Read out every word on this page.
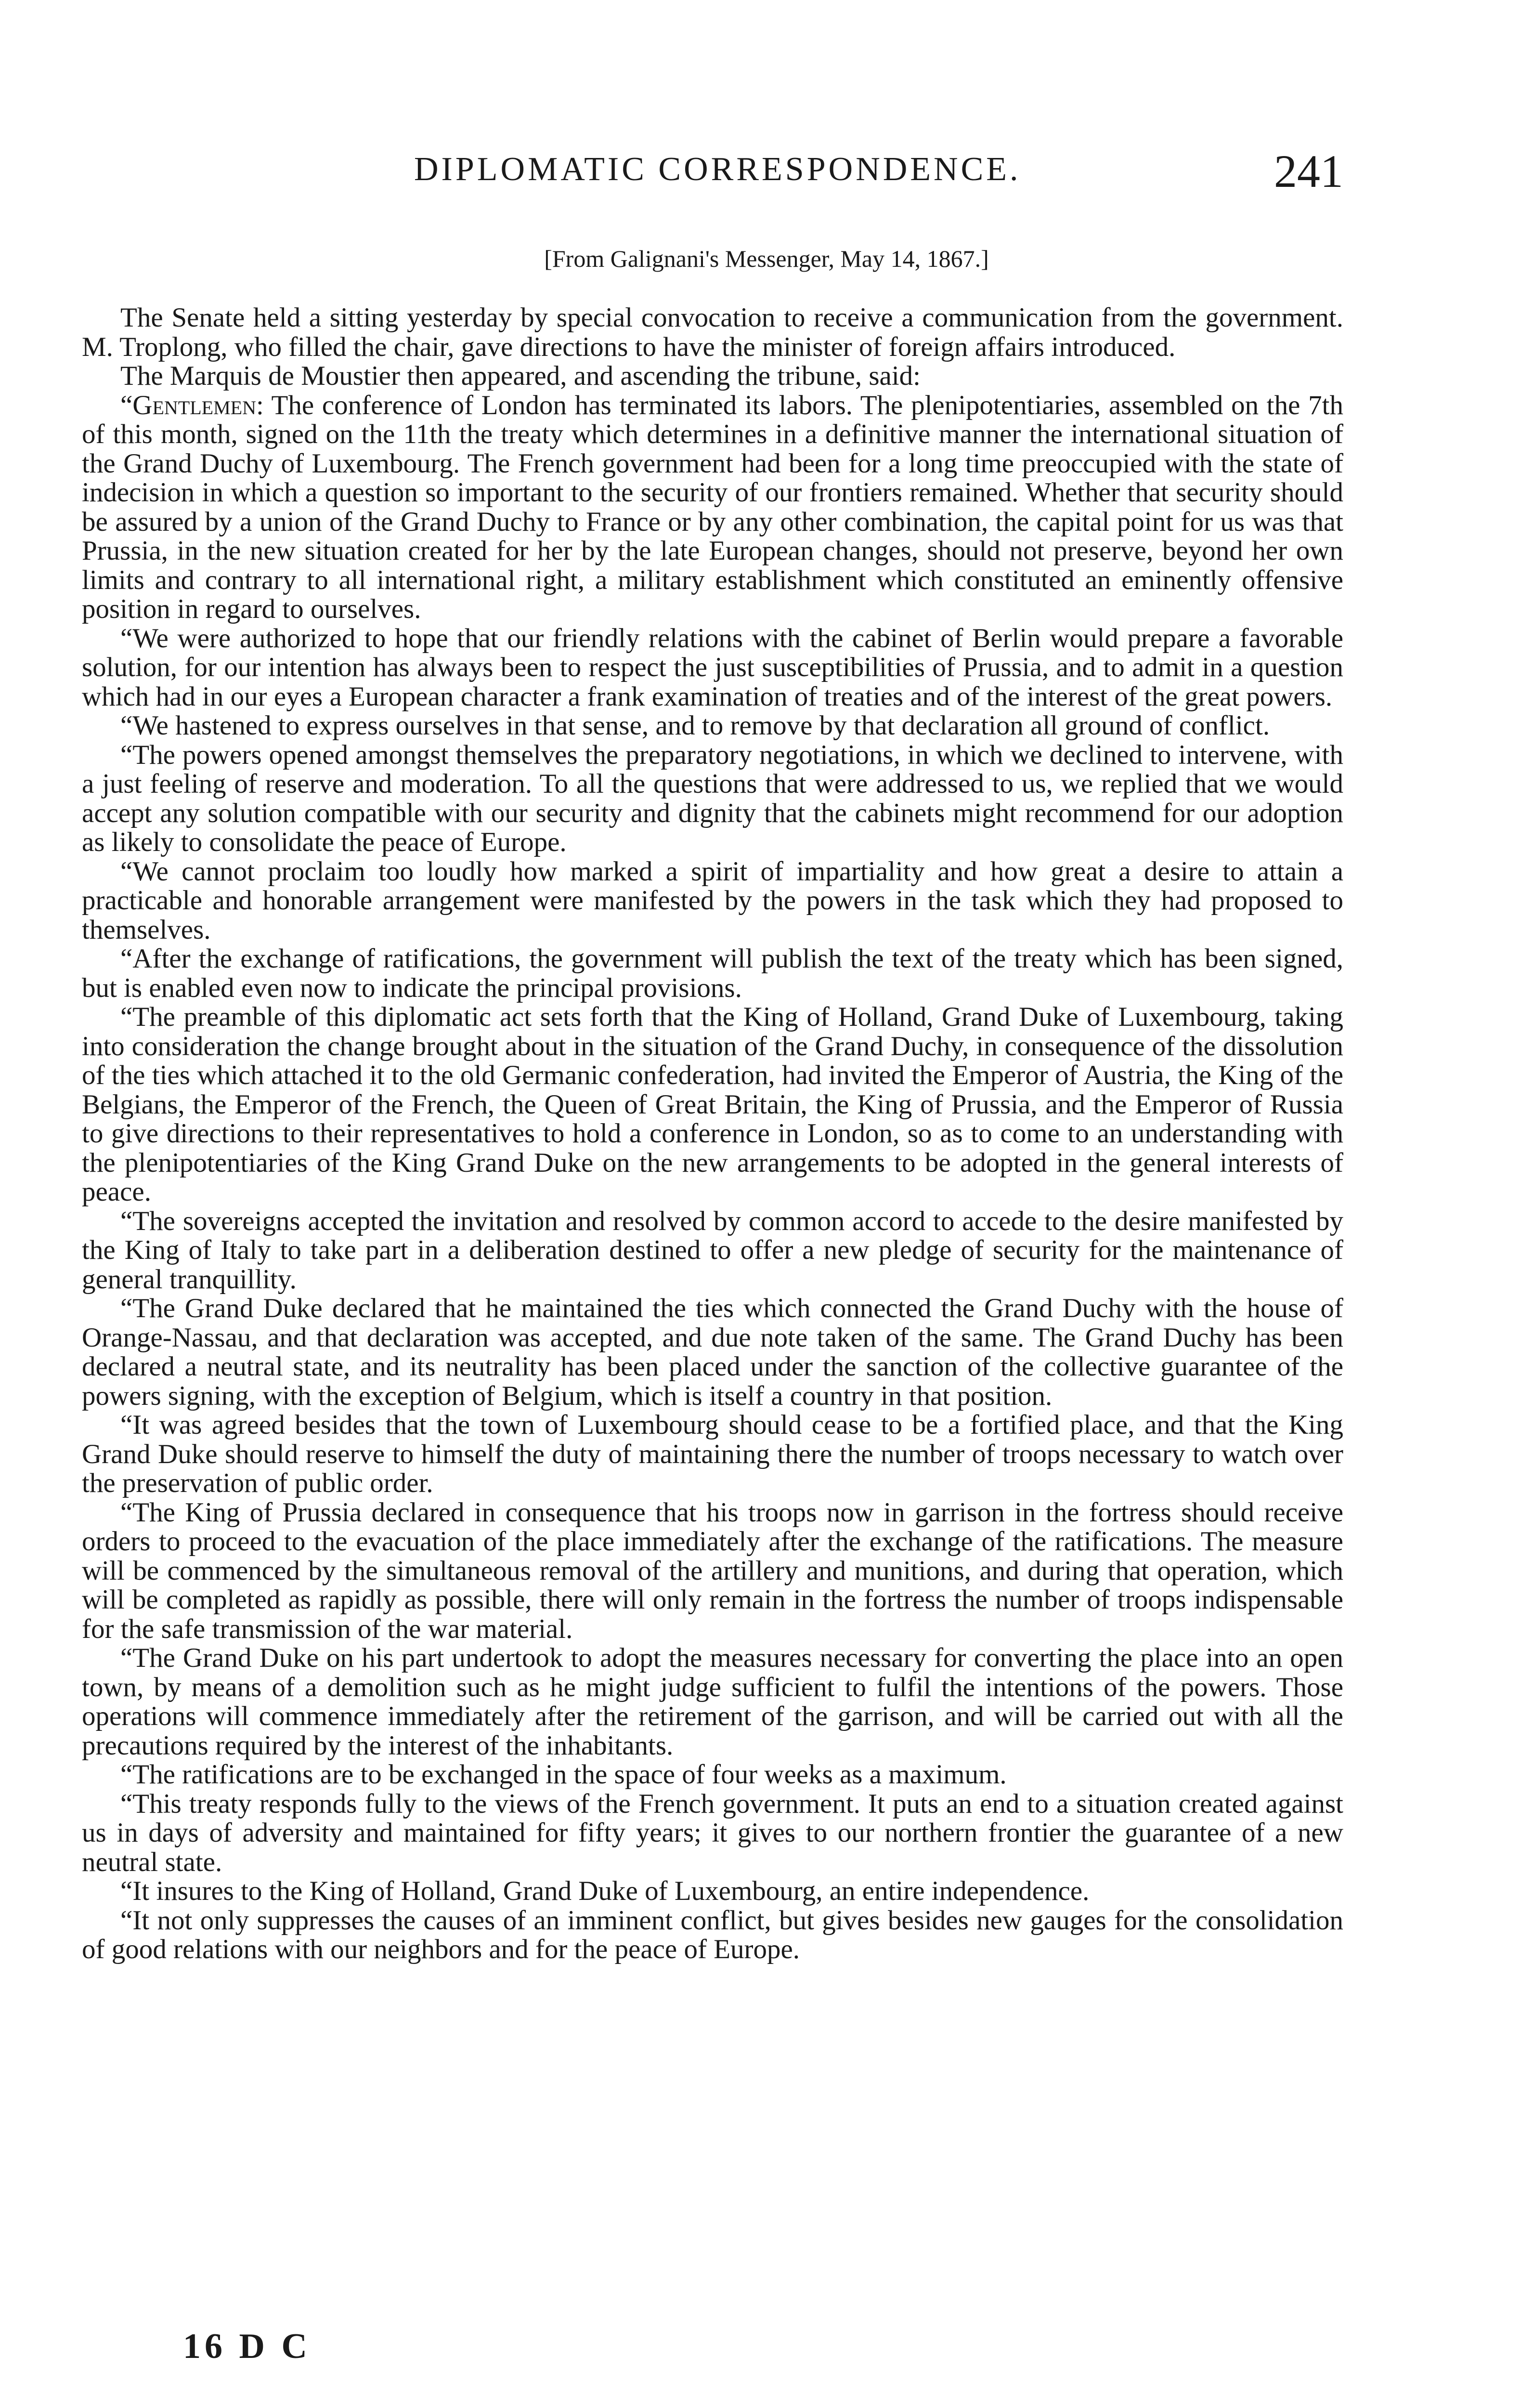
DIPLOMATIC CORRESPONDENCE.	241
[From Galignani's Messenger, May 14, 1867.]

The Senate held a sitting yesterday by special convocation to receive a communication from the government. M. Troplong, who filled the chair, gave directions to have the minister of foreign affairs introduced.

The Marquis de Moustier then appeared, and ascending the tribune, said:

“Gentlemen: The conference of London has terminated its labors. The plenipotentiaries, assembled on the 7th of this month, signed on the 11th the treaty which determines in a definitive manner the international situation of the Grand Duchy of Luxembourg. The French government had been for a long time preoccupied with the state of indecision in which a question so important to the security of our frontiers remained. Whether that security should be assured by a union of the Grand Duchy to France or by any other combination, the capital point for us was that Prussia, in the new situation created for her by the late European changes, should not preserve, beyond her own limits and contrary to all international right, a military establishment which constituted an eminently offensive position in regard to ourselves.

“We were authorized to hope that our friendly relations with the cabinet of Berlin would prepare a favorable solution, for our intention has always been to respect the just susceptibilities of Prussia, and to admit in a question which had in our eyes a European character a frank examination of treaties and of the interest of the great powers.

“We hastened to express ourselves in that sense, and to remove by that declaration all ground of conflict.

“The powers opened amongst themselves the preparatory negotiations, in which we declined to intervene, with a just feeling of reserve and moderation. To all the questions that were addressed to us, we replied that we would accept any solution compatible with our security and dignity that the cabinets might recommend for our adoption as likely to consolidate the peace of Europe.

“We cannot proclaim too loudly how marked a spirit of impartiality and how great a desire to attain a practicable and honorable arrangement were manifested by the powers in the task which they had proposed to themselves.

“After the exchange of ratifications, the government will publish the text of the treaty which has been signed, but is enabled even now to indicate the principal provisions.

“The preamble of this diplomatic act sets forth that the King of Holland, Grand Duke of Luxembourg, taking into consideration the change brought about in the situation of the Grand Duchy, in consequence of the dissolution of the ties which attached it to the old Germanic confederation, had invited the Emperor of Austria, the King of the Belgians, the Emperor of the French, the Queen of Great Britain, the King of Prussia, and the Emperor of Russia to give directions to their representatives to hold a conference in London, so as to come to an understanding with the plenipotentiaries of the King Grand Duke on the new arrangements to be adopted in the general interests of peace.

“The sovereigns accepted the invitation and resolved by common accord to accede to the desire manifested by the King of Italy to take part in a deliberation destined to offer a new pledge of security for the maintenance of general tranquillity.

“The Grand Duke declared that he maintained the ties which connected the Grand Duchy with the house of Orange-Nassau, and that declaration was accepted, and due note taken of the same. The Grand Duchy has been declared a neutral state, and its neutrality has been placed under the sanction of the collective guarantee of the powers signing, with the exception of Belgium, which is itself a country in that position.

“It was agreed besides that the town of Luxembourg should cease to be a fortified place, and that the King Grand Duke should reserve to himself the duty of maintaining there the number of troops necessary to watch over the preservation of public order.

“The King of Prussia declared in consequence that his troops now in garrison in the fortress should receive orders to proceed to the evacuation of the place immediately after the exchange of the ratifications. The measure will be commenced by the simultaneous removal of the artillery and munitions, and during that operation, which will be completed as rapidly as possible, there will only remain in the fortress the number of troops indispensable for the safe transmission of the war material.

“The Grand Duke on his part undertook to adopt the measures necessary for converting the place into an open town, by means of a demolition such as he might judge sufficient to fulfil the intentions of the powers. Those operations will commence immediately after the retirement of the garrison, and will be carried out with all the precautions required by the interest of the inhabitants.

“The ratifications are to be exchanged in the space of four weeks as a maximum.

“This treaty responds fully to the views of the French government. It puts an end to a situation created against us in days of adversity and maintained for fifty years; it gives to our northern frontier the guarantee of a new neutral state.

“It insures to the King of Holland, Grand Duke of Luxembourg, an entire independence.

“It not only suppresses the causes of an imminent conflict, but gives besides new gauges for the consolidation of good relations with our neighbors and for the peace of Europe.

16 D C
